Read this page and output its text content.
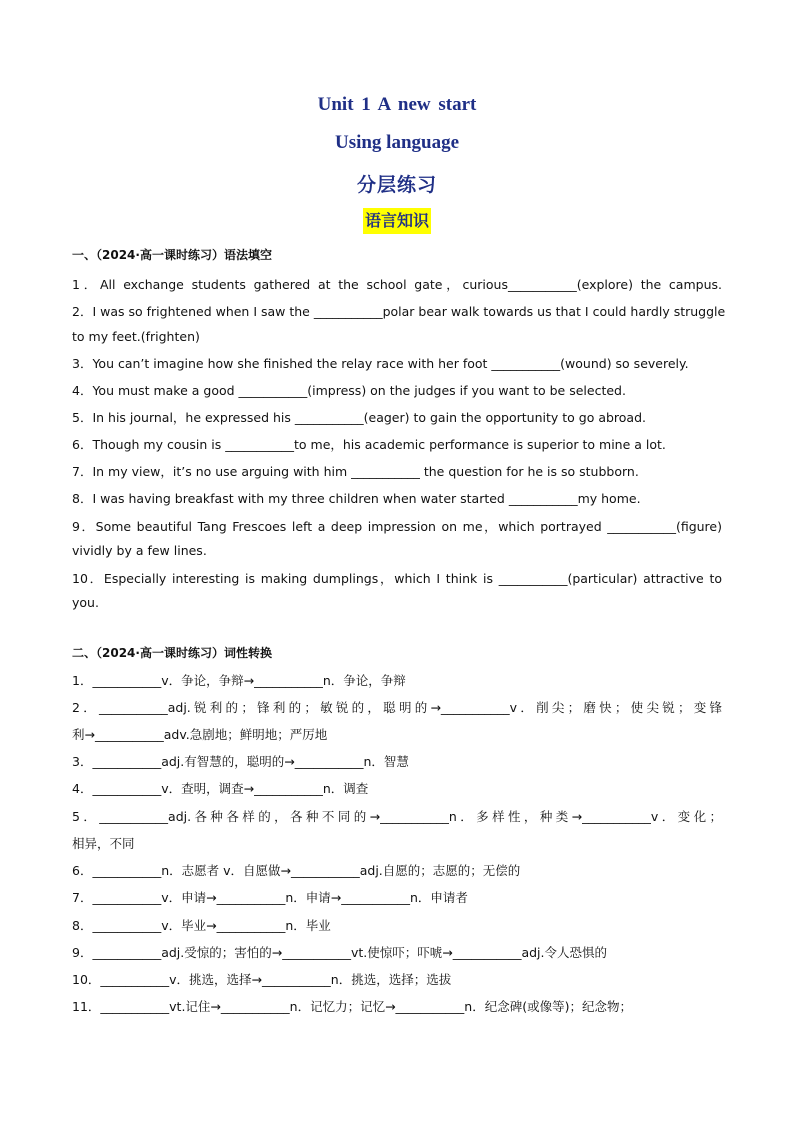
Unit 1 A new start
Using language
分层练习
语言知识
一、（2024·高一课时练习）语法填空
1．All exchange students gathered at the school gate，curious___________(explore) the campus.
2．I was so frightened when I saw the ___________polar bear walk towards us that I could hardly struggle
to my feet.(frighten)
3．You can’t imagine how she finished the relay race with her foot ___________(wound) so severely.
4．You must make a good ___________(impress) on the judges if you want to be selected.
5．In his journal，he expressed his ___________(eager) to gain the opportunity to go abroad.
6．Though my cousin is ___________to me，his academic performance is superior to mine a lot.
7．In my view，it’s no use arguing with him ___________ the question for he is so stubborn.
8．I was having breakfast with my three children when water started ___________my home.
9．Some beautiful Tang Frescoes left a deep impression on me，which portrayed ___________(figure)
vividly by a few lines.
10．Especially interesting is making dumplings，which I think is ___________(particular) attractive to
you.
二、（2024·高一课时练习）词性转换
1．___________v．争论，争辩→___________n．争论，争辩
2．___________adj.锐利的；锋利的；敏锐的，聪明的→___________v．削尖；磨快；使尖锐；变锋
利→___________adv.急剧地；鲜明地；严厉地
3．___________adj.有智慧的，聪明的→___________n．智慧
4．___________v．查明，调查→___________n．调查
5．___________adj.各种各样的，各种不同的→___________n．多样性，种类→___________v．变化；
相异，不同
6．___________n．志愿者 v．自愿做→___________adj.自愿的；志愿的；无偿的
7．___________v．申请→___________n．申请→___________n．申请者
8．___________v．毕业→___________n．毕业
9．___________adj.受惊的；害怕的→___________vt.使惊吓；吓唬→___________adj.令人恐惧的
10．___________v．挑选，选择→___________n．挑选，选择；选拔
11．___________vt.记住→___________n．记忆力；记忆→___________n．纪念碑(或像等)；纪念物；
